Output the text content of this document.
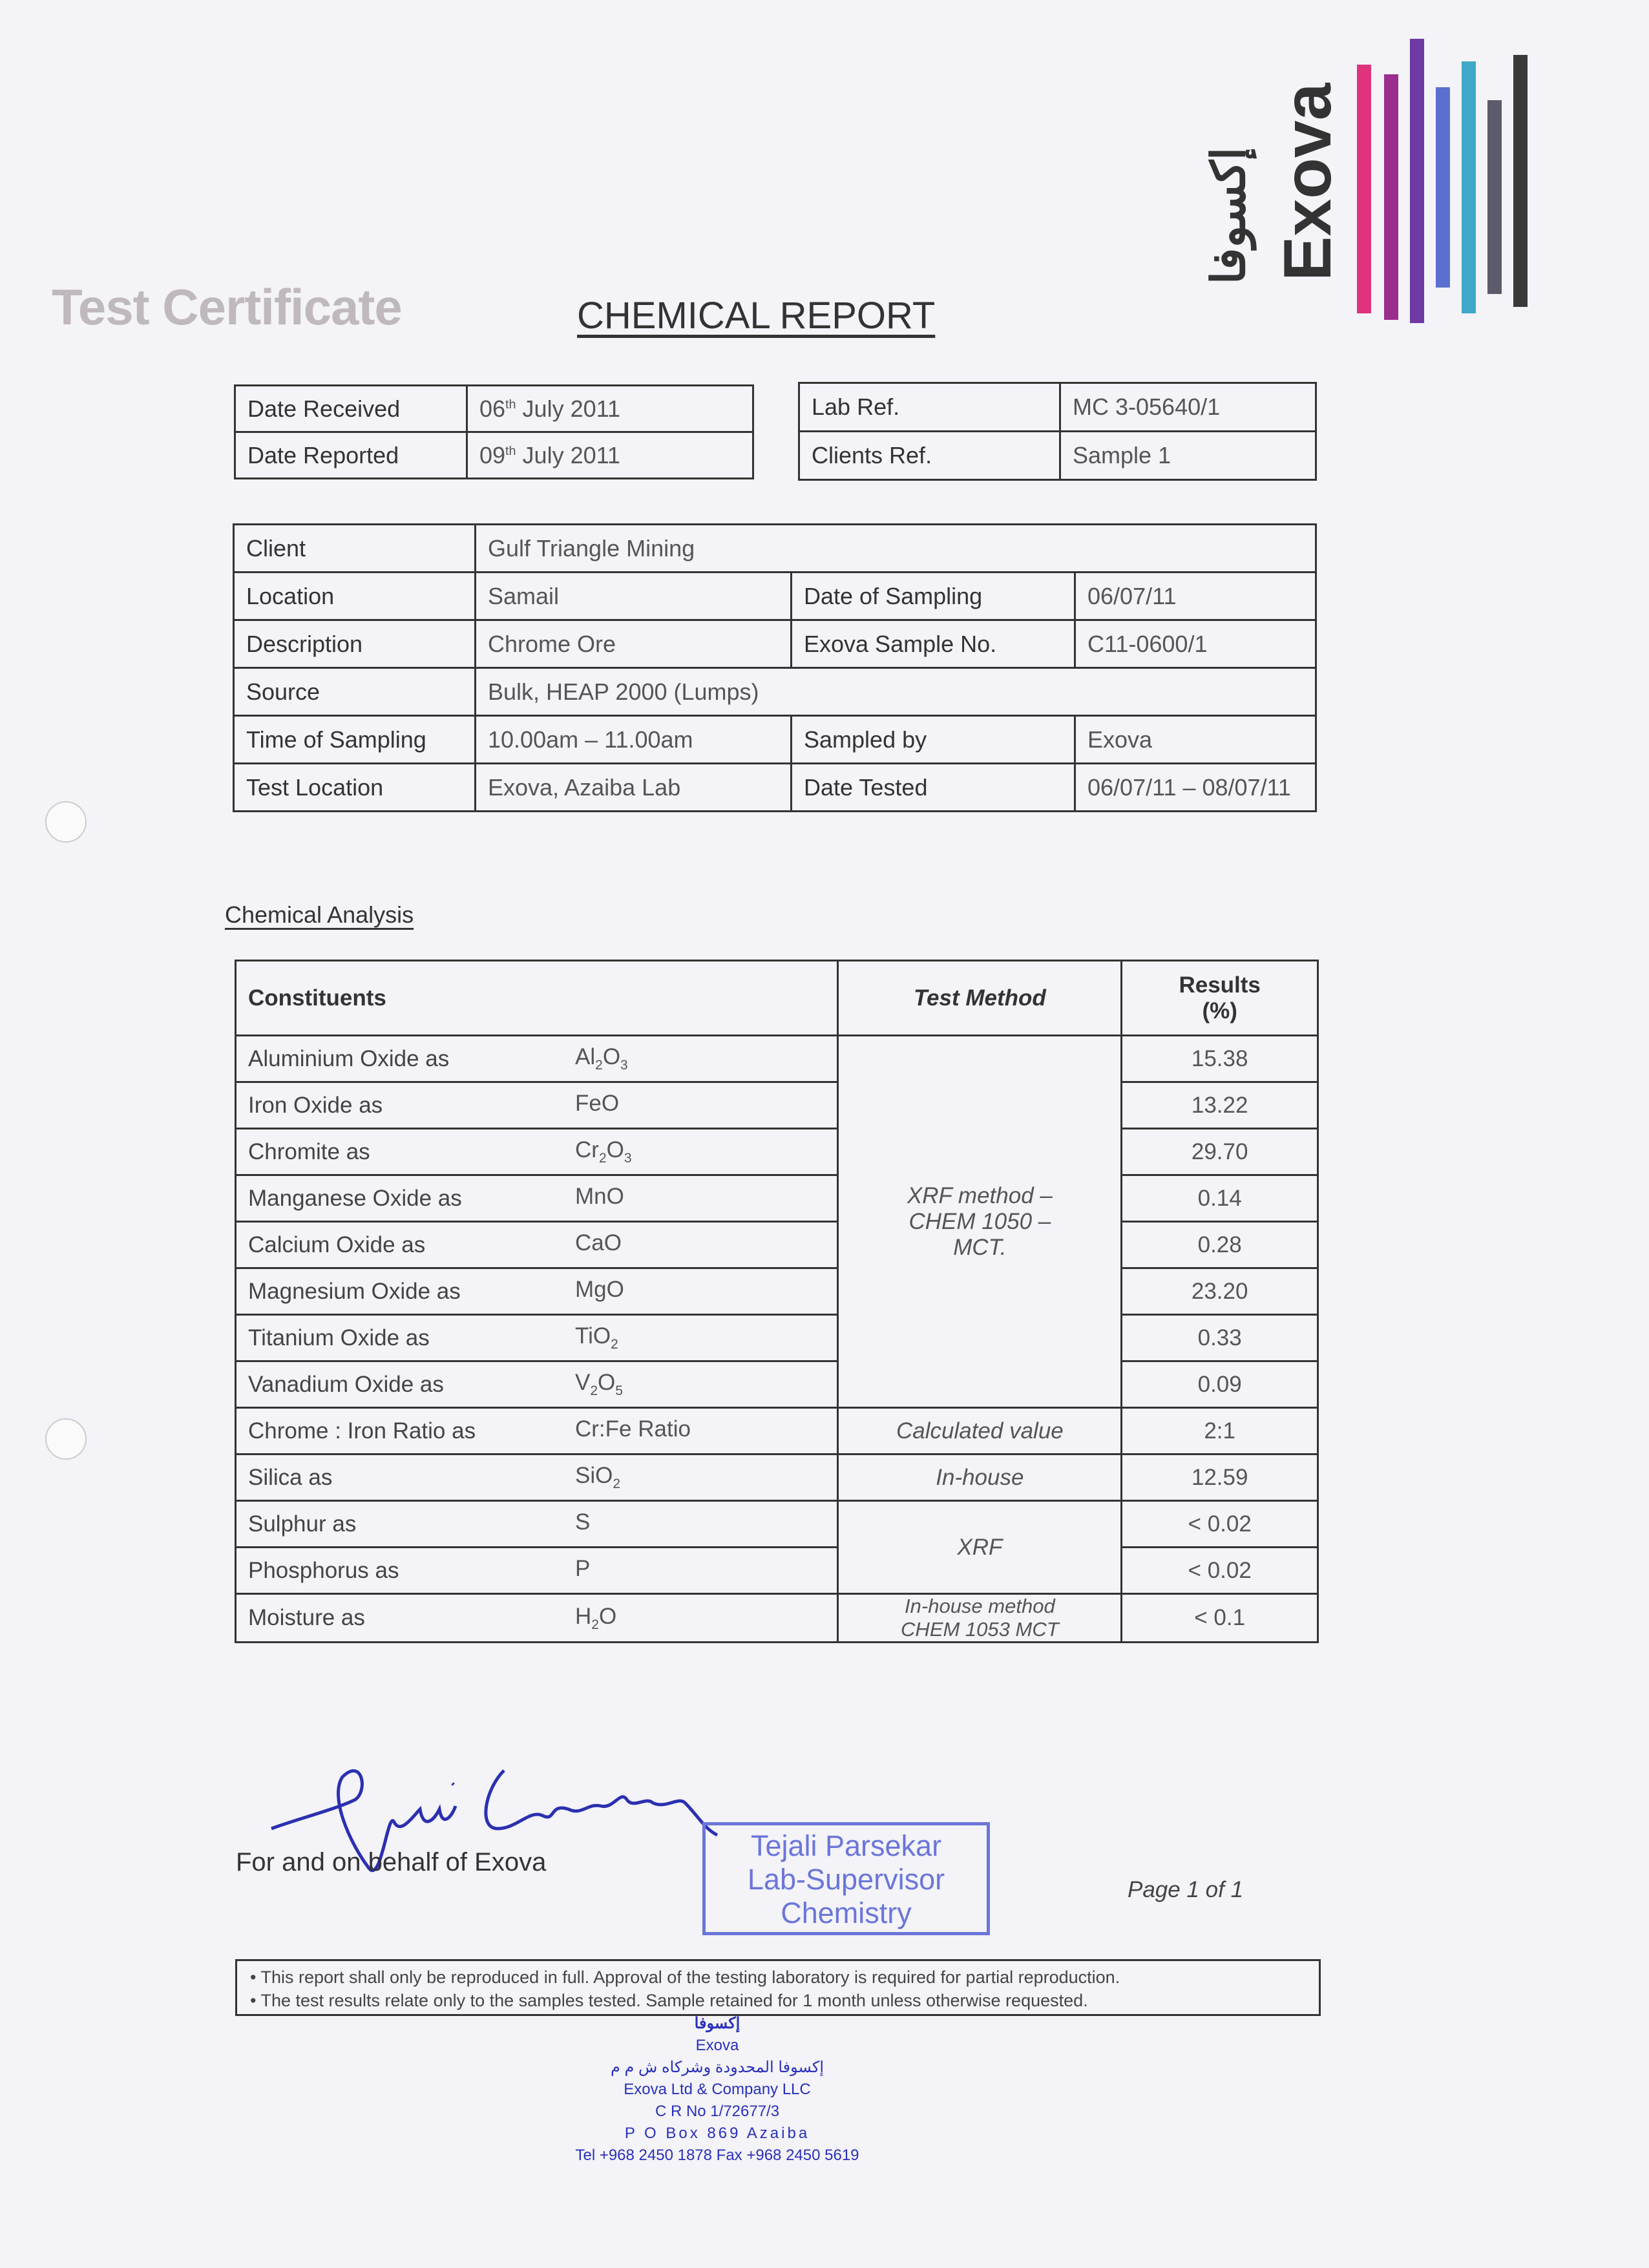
Test Certificate	CHEMICAL REPORT
Exova
إكسوفا
Date Received	06th July 2011
Date Reported	09th July 2011
Lab Ref.	MC 3-05640/1
Clients Ref.	Sample 1
Client	Gulf Triangle Mining		
Location	Samail	Date of Sampling	06/07/11
Description	Chrome Ore	Exova Sample No.	C11-0600/1
Source	Bulk, HEAP 2000 (Lumps)		
Time of Sampling	10.00am – 11.00am	Sampled by	Exova
Test Location	Exova, Azaiba Lab	Date Tested	06/07/11 – 08/07/11
Chemical Analysis
Constituents		Test Method	Results
(%)
Aluminium Oxide as	$Al_2O_3$	XRF method –
CHEM 1050 –
MCT.	15.38
Iron Oxide as	FeO		13.22
Chromite as	$Cr_2O_3$		29.70
Manganese Oxide as	MnO		0.14
Calcium Oxide as	CaO		0.28
Magnesium Oxide as	MgO		23.20
Titanium Oxide as	TiO$_2$		0.33
Vanadium Oxide as	$V_2O_5$		0.09
Chrome : Iron Ratio as	Cr:Fe Ratio	Calculated value	2:1
Silica as	SiO$_2$	In-house	12.59
Sulphur as	S	XRF	< 0.02
Phosphorus as	P		< 0.02
Moisture as	$H_2O$	In-house method
CHEM 1053 MCT	< 0.1
For and on behalf of Exova	Tejali Parsekar
Lab-Supervisor
Chemistry
Page 1 of 1
• This report shall only be reproduced in full. Approval of the testing laboratory is required for partial reproduction.
• The test results relate only to the samples tested. Sample retained for 1 month unless otherwise requested.
إكسوفا
Exova
إكسوفا المحدودة وشركاه ش م م
Exova Ltd & Company LLC
C R No 1/72677/3
P O Box 869 Azaiba
Tel +968 2450 1878 Fax +968 2450 5619
